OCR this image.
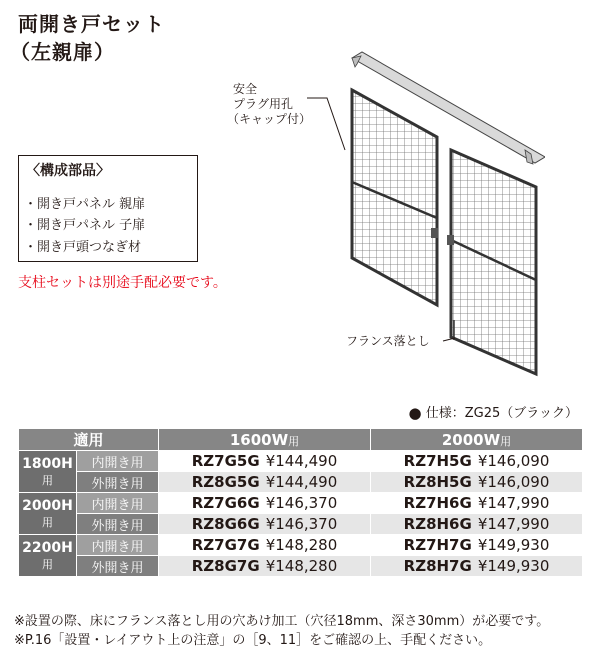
両開き戸セット
（左親扉）
〈構成部品〉
・開き戸パネル 親扉
・開き戸パネル 子扉
・開き戸頭つなぎ材
支柱セットは別途手配必要です。
安全
プラグ用孔
（キャップ付）
フランス落とし
● 仕様：ZG25（ブラック）
適用		1600W用	2000W用
1800H用	内開き用	RZ7G5G ¥144,490	RZ7H5G ¥146,090
	外開き用	RZ8G5G ¥144,490	RZ8H5G ¥146,090
2000H用	内開き用	RZ7G6G ¥146,370	RZ7H6G ¥147,990
	外開き用	RZ8G6G ¥146,370	RZ8H6G ¥147,990
2200H用	内開き用	RZ7G7G ¥148,280	RZ7H7G ¥149,930
	外開き用	RZ8G7G ¥148,280	RZ8H7G ¥149,930
※設置の際、床にフランス落とし用の穴あけ加工（穴径18mm、深さ30mm）が必要です。
※P.16「設置・レイアウト上の注意」の［9、11］をご確認の上、手配ください。
